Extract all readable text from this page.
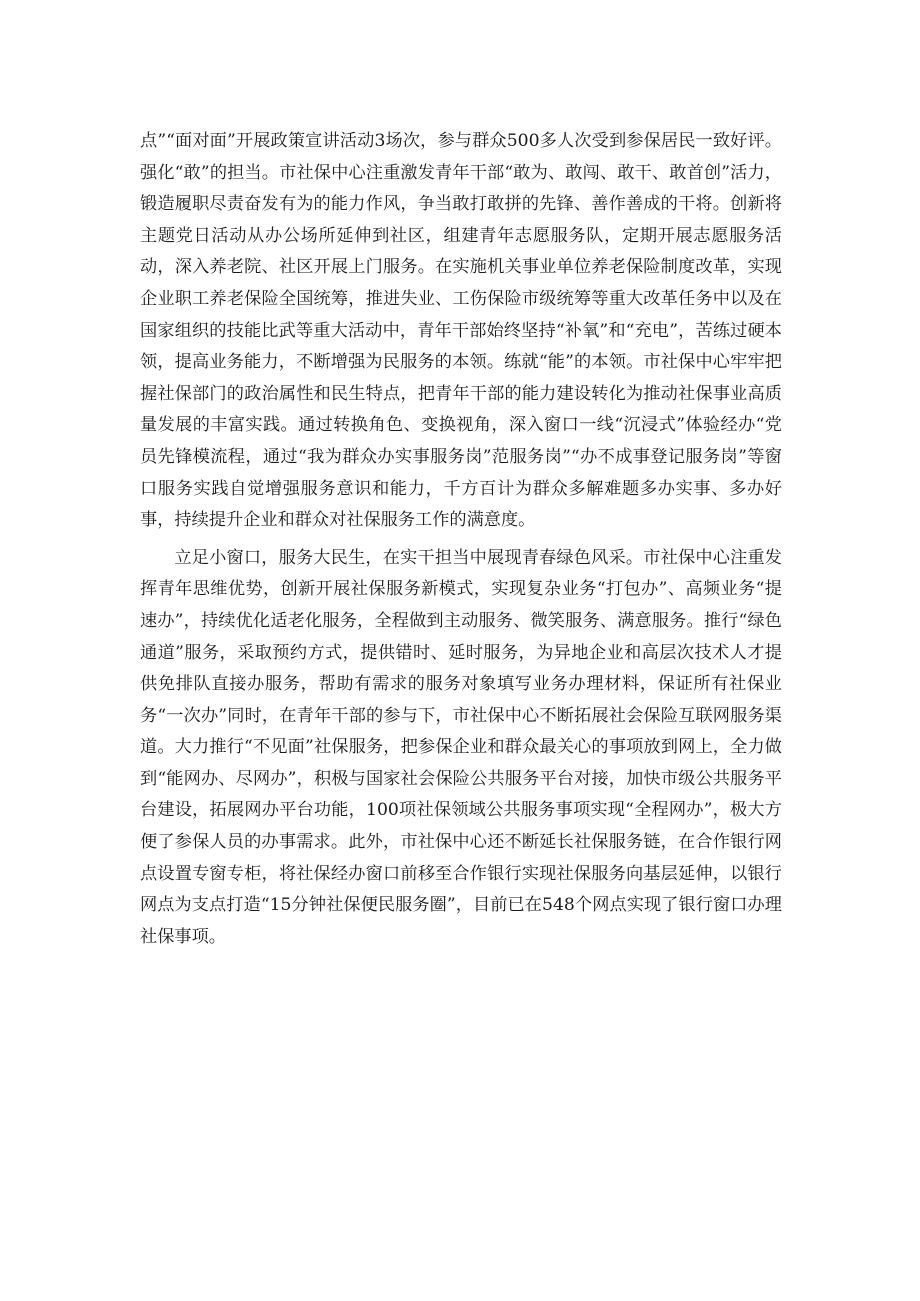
点”“面对面”开展政策宣讲活动3场次，参与群众500多人次受到参保居民一致好评。强化“敢”的担当。市社保中心注重激发青年干部“敢为、敢闯、敢干、敢首创”活力，锻造履职尽责奋发有为的能力作风，争当敢打敢拼的先锋、善作善成的干将。创新将主题党日活动从办公场所延伸到社区，组建青年志愿服务队，定期开展志愿服务活动，深入养老院、社区开展上门服务。在实施机关事业单位养老保险制度改革，实现企业职工养老保险全国统筹，推进失业、工伤保险市级统筹等重大改革任务中以及在国家组织的技能比武等重大活动中，青年干部始终坚持“补氧”和“充电”，苦练过硬本领，提高业务能力，不断增强为民服务的本领。练就“能”的本领。市社保中心牢牢把握社保部门的政治属性和民生特点，把青年干部的能力建设转化为推动社保事业高质量发展的丰富实践。通过转换角色、变换视角，深入窗口一线“沉浸式”体验经办“党员先锋模流程，通过“我为群众办实事服务岗”范服务岗”“办不成事登记服务岗”等窗口服务实践自觉增强服务意识和能力，千方百计为群众多解难题多办实事、多办好事，持续提升企业和群众对社保服务工作的满意度。

立足小窗口，服务大民生，在实干担当中展现青春绿色风采。市社保中心注重发挥青年思维优势，创新开展社保服务新模式，实现复杂业务“打包办”、高频业务“提速办”，持续优化适老化服务，全程做到主动服务、微笑服务、满意服务。推行“绿色通道”服务，采取预约方式，提供错时、延时服务，为异地企业和高层次技术人才提供免排队直接办服务，帮助有需求的服务对象填写业务办理材料，保证所有社保业务“一次办”同时，在青年干部的参与下，市社保中心不断拓展社会保险互联网服务渠道。大力推行“不见面”社保服务，把参保企业和群众最关心的事项放到网上，全力做到“能网办、尽网办”，积极与国家社会保险公共服务平台对接，加快市级公共服务平台建设，拓展网办平台功能，100项社保领域公共服务事项实现“全程网办”，极大方便了参保人员的办事需求。此外，市社保中心还不断延长社保服务链，在合作银行网点设置专窗专柜，将社保经办窗口前移至合作银行实现社保服务向基层延伸，以银行网点为支点打造“15分钟社保便民服务圈”，目前已在548个网点实现了银行窗口办理社保事项。
